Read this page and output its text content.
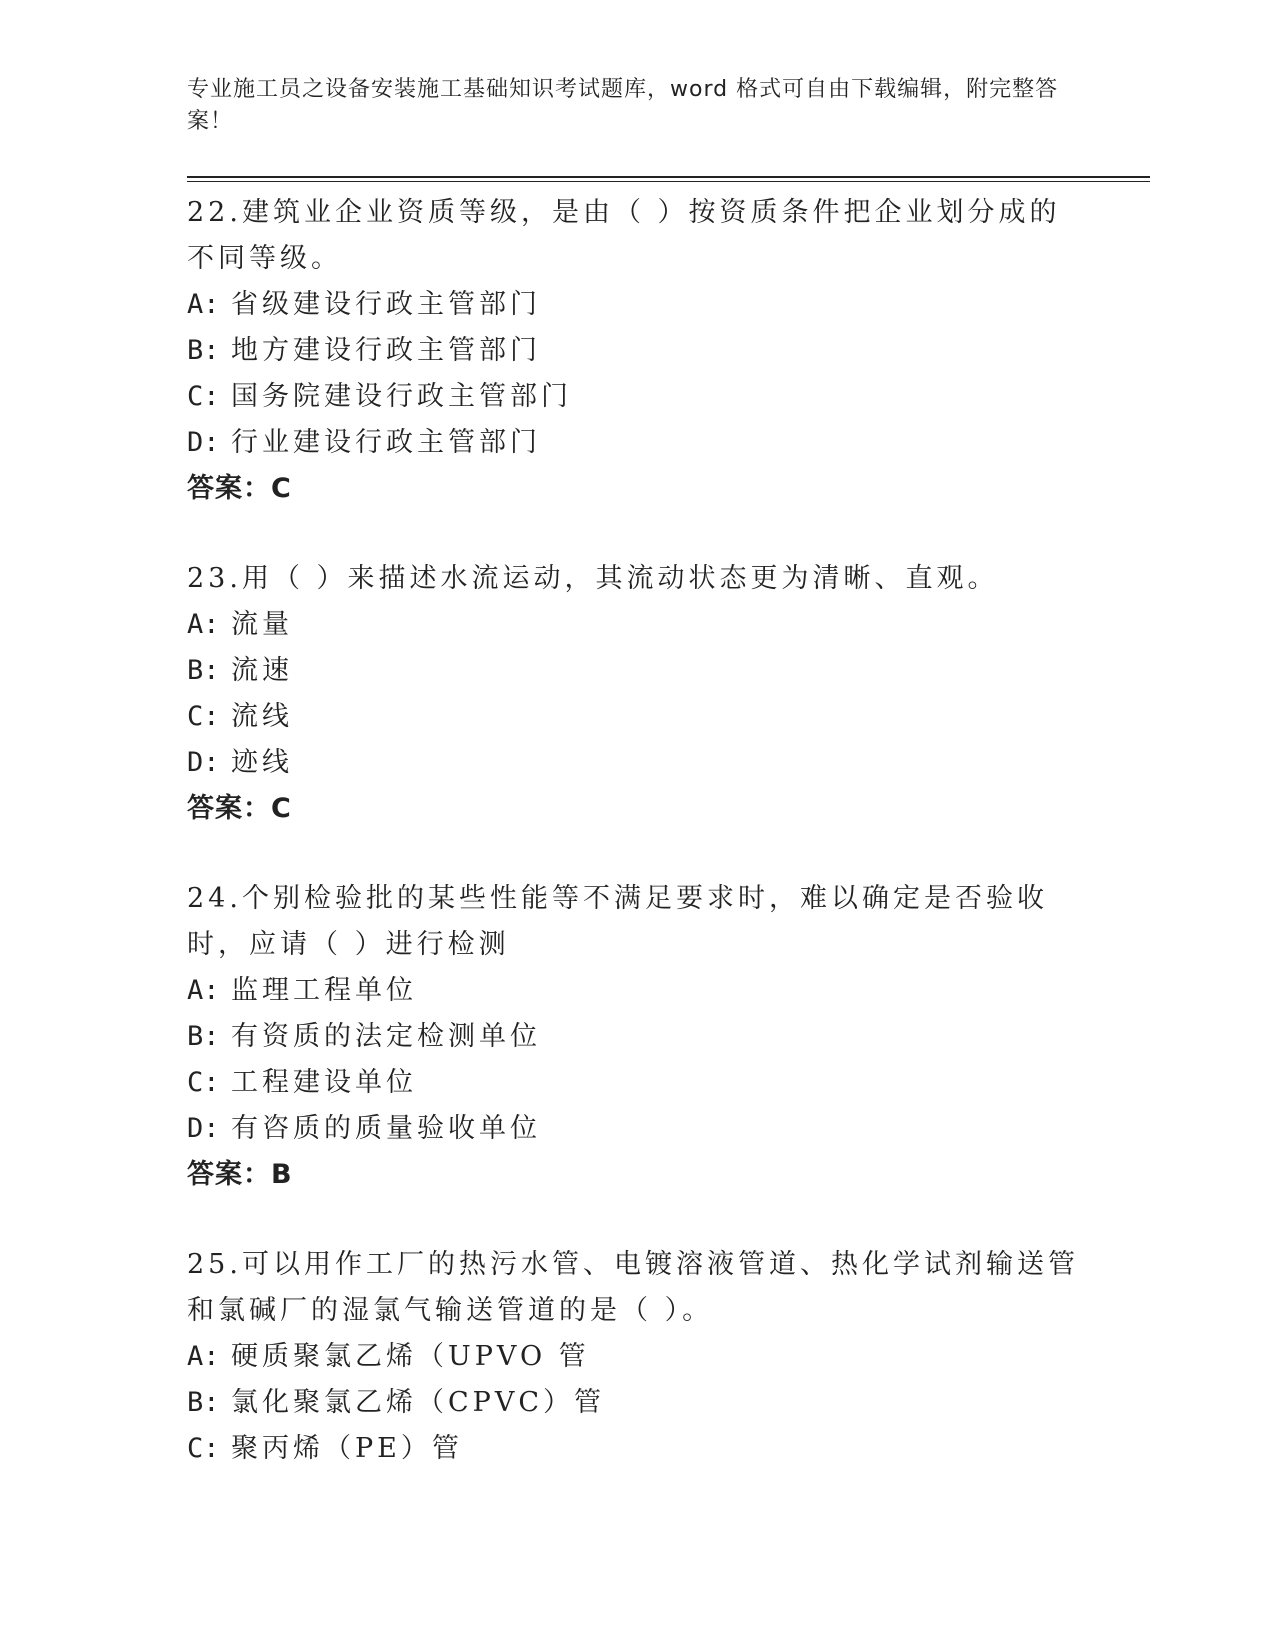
专业施工员之设备安装施工基础知识考试题库，word 格式可自由下载编辑，附完整答案！

22.建筑业企业资质等级，是由（ ）按资质条件把企业划分成的不同等级。

A: 省级建设行政主管部门
B: 地方建设行政主管部门
C: 国务院建设行政主管部门
D: 行业建设行政主管部门

答案：C

23.用（ ）来描述水流运动，其流动状态更为清晰、直观。

A: 流量
B: 流速
C: 流线
D: 迹线

答案：C

24.个别检验批的某些性能等不满足要求时，难以确定是否验收时，应请（ ）进行检测

A: 监理工程单位
B: 有资质的法定检测单位
C: 工程建设单位
D: 有咨质的质量验收单位

答案：B

25.可以用作工厂的热污水管、电镀溶液管道、热化学试剂输送管和氯碱厂的湿氯气输送管道的是（ ）。

A: 硬质聚氯乙烯（UPVO 管
B: 氯化聚氯乙烯（CPVC）管
C: 聚丙烯（PE）管
